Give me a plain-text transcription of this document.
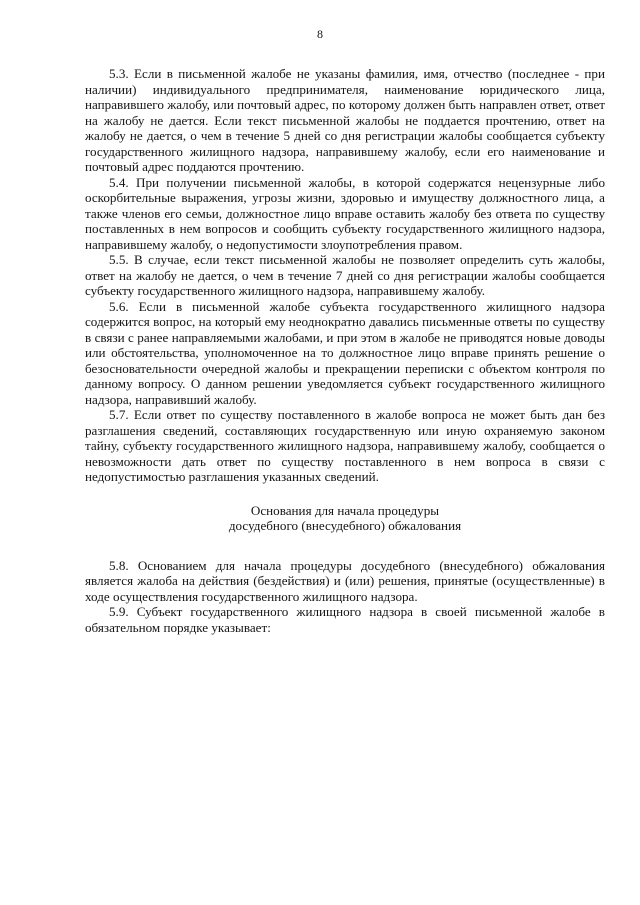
8

5.3. Если в письменной жалобе не указаны фамилия, имя, отчество (последнее - при наличии) индивидуального предпринимателя, наименование юридического лица, направившего жалобу, или почтовый адрес, по которому должен быть направлен ответ, ответ на жалобу не дается. Если текст письменной жалобы не поддается прочтению, ответ на жалобу не дается, о чем в течение 5 дней со дня регистрации жалобы сообщается субъекту государственного жилищного надзора, направившему жалобу, если его наименование и почтовый адрес поддаются прочтению.

5.4. При получении письменной жалобы, в которой содержатся нецензурные либо оскорбительные выражения, угрозы жизни, здоровью и имуществу должностного лица, а также членов его семьи, должностное лицо вправе оставить жалобу без ответа по существу поставленных в нем вопросов и сообщить субъекту государственного жилищного надзора, направившему жалобу, о недопустимости злоупотребления правом.

5.5. В случае, если текст письменной жалобы не позволяет определить суть жалобы, ответ на жалобу не дается, о чем в течение 7 дней со дня регистрации жалобы сообщается субъекту государственного жилищного надзора, направившему жалобу.

5.6. Если в письменной жалобе субъекта государственного жилищного надзора содержится вопрос, на который ему неоднократно давались письменные ответы по существу в связи с ранее направляемыми жалобами, и при этом в жалобе не приводятся новые доводы или обстоятельства, уполномоченное на то должностное лицо вправе принять решение о безосновательности очередной жалобы и прекращении переписки с объектом контроля по данному вопросу. О данном решении уведомляется субъект государственного жилищного надзора, направивший жалобу.

5.7. Если ответ по существу поставленного в жалобе вопроса не может быть дан без разглашения сведений, составляющих государственную или иную охраняемую законом тайну, субъекту государственного жилищного надзора, направившему жалобу, сообщается о невозможности дать ответ по существу поставленного в нем вопроса в связи с недопустимостью разглашения указанных сведений.

Основания для начала процедуры
досудебного (внесудебного) обжалования

5.8. Основанием для начала процедуры досудебного (внесудебного) обжалования является жалоба на действия (бездействия) и (или) решения, принятые (осуществленные) в ходе осуществления государственного жилищного надзора.

5.9. Субъект государственного жилищного надзора в своей письменной жалобе в обязательном порядке указывает:
